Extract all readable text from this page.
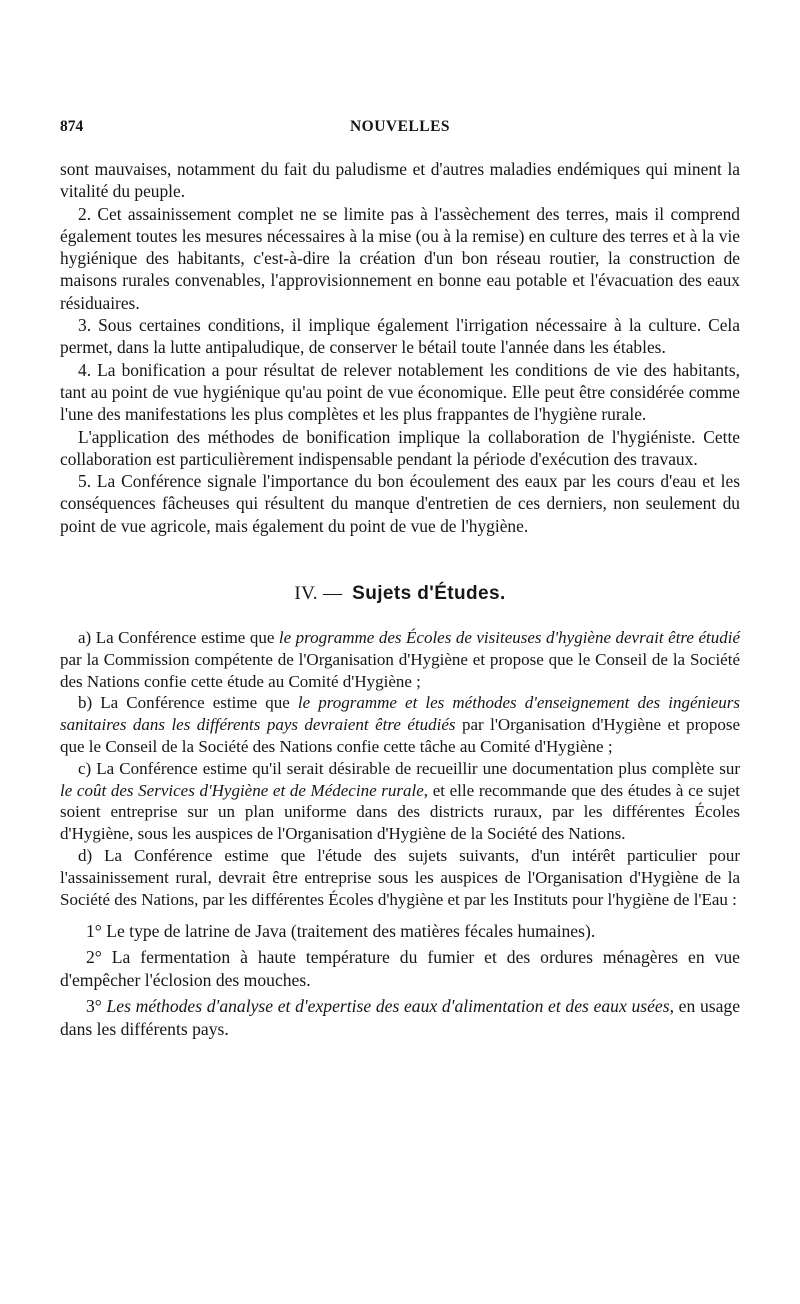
874	NOUVELLES

sont mauvaises, notamment du fait du paludisme et d'autres maladies endémiques qui minent la vitalité du peuple.

2. Cet assainissement complet ne se limite pas à l'assèchement des terres, mais il comprend également toutes les mesures nécessaires à la mise (ou à la remise) en culture des terres et à la vie hygiénique des habitants, c'est-à-dire la création d'un bon réseau routier, la construction de maisons rurales convenables, l'approvisionnement en bonne eau potable et l'évacuation des eaux résiduaires.

3. Sous certaines conditions, il implique également l'irrigation nécessaire à la culture. Cela permet, dans la lutte antipaludique, de conserver le bétail toute l'année dans les étables.

4. La bonification a pour résultat de relever notablement les conditions de vie des habitants, tant au point de vue hygiénique qu'au point de vue économique. Elle peut être considérée comme l'une des manifestations les plus complètes et les plus frappantes de l'hygiène rurale.

L'application des méthodes de bonification implique la collaboration de l'hygiéniste. Cette collaboration est particulièrement indispensable pendant la période d'exécution des travaux.

5. La Conférence signale l'importance du bon écoulement des eaux par les cours d'eau et les conséquences fâcheuses qui résultent du manque d'entretien de ces derniers, non seulement du point de vue agricole, mais également du point de vue de l'hygiène.

IV. — Sujets d'Études.

a) La Conférence estime que le programme des Écoles de visiteuses d'hygiène devrait être étudié par la Commission compétente de l'Organisation d'Hygiène et propose que le Conseil de la Société des Nations confie cette étude au Comité d'Hygiène ;

b) La Conférence estime que le programme et les méthodes d'enseignement des ingénieurs sanitaires dans les différents pays devraient être étudiés par l'Organisation d'Hygiène et propose que le Conseil de la Société des Nations confie cette tâche au Comité d'Hygiène ;

c) La Conférence estime qu'il serait désirable de recueillir une documentation plus complète sur le coût des Services d'Hygiène et de Médecine rurale, et elle recommande que des études à ce sujet soient entreprise sur un plan uniforme dans des districts ruraux, par les différentes Écoles d'Hygiène, sous les auspices de l'Organisation d'Hygiène de la Société des Nations.

d) La Conférence estime que l'étude des sujets suivants, d'un intérêt particulier pour l'assainissement rural, devrait être entreprise sous les auspices de l'Organisation d'Hygiène de la Société des Nations, par les différentes Écoles d'hygiène et par les Instituts pour l'hygiène de l'Eau :

1° Le type de latrine de Java (traitement des matières fécales humaines).

2° La fermentation à haute température du fumier et des ordures ménagères en vue d'empêcher l'éclosion des mouches.

3° Les méthodes d'analyse et d'expertise des eaux d'alimentation et des eaux usées, en usage dans les différents pays.
